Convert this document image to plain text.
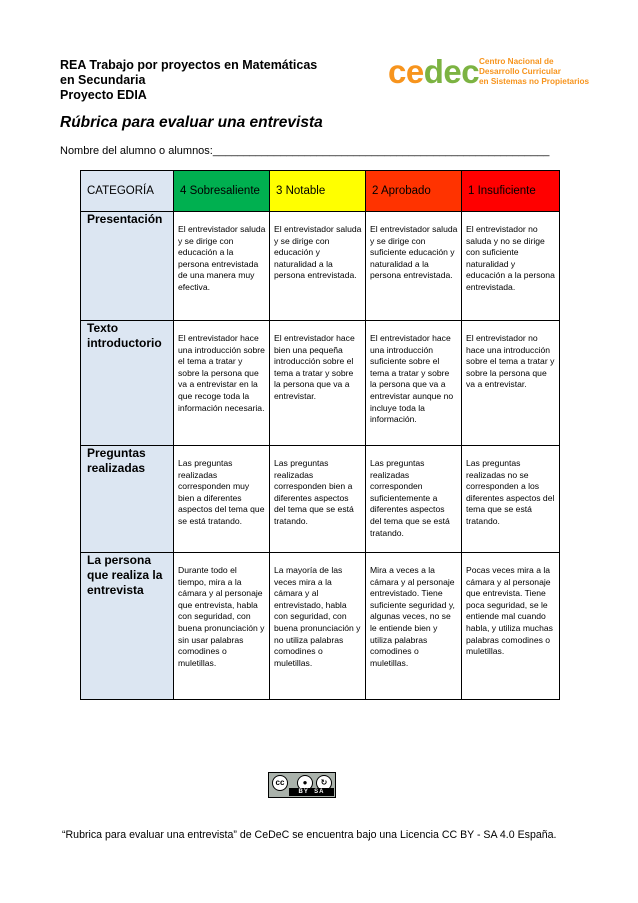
REA Trabajo por proyectos en Matemáticas
en Secundaria
Proyecto EDIA
cedec Centro Nacional de
Desarrollo Curricular
en Sistemas no Propietarios
Rúbrica para evaluar una entrevista
Nombre del alumno o alumnos:_______________________________________________________
CATEGORÍA	4 Sobresaliente	3 Notable	2 Aprobado	1 Insuficiente
Presentación	El entrevistador saluda y se dirige con educación a la persona entrevistada de una manera muy efectiva.	El entrevistador saluda y se dirige con educación y naturalidad a la persona entrevistada.	El entrevistador saluda y se dirige con suficiente educación y naturalidad a la persona entrevistada.	El entrevistador no saluda y no se dirige con suficiente naturalidad y educación a la persona entrevistada.
Texto introductorio	El entrevistador hace una introducción sobre el tema a tratar y sobre la persona que va a entrevistar en la que recoge toda la información necesaria.	El entrevistador hace bien una pequeña introducción sobre el tema a tratar y sobre la persona que va a entrevistar.	El entrevistador hace una introducción suficiente sobre el tema a tratar y sobre la persona que va a entrevistar aunque no incluye toda la información.	El entrevistador no hace una introducción sobre el tema a tratar y sobre la persona que va a entrevistar.
Preguntas realizadas	Las preguntas realizadas corresponden muy bien a diferentes aspectos del tema que se está tratando.	Las preguntas realizadas corresponden bien a diferentes aspectos del tema que se está tratando.	Las preguntas realizadas corresponden suficientemente a diferentes aspectos del tema que se está tratando.	Las preguntas realizadas no se corresponden a los diferentes aspectos del tema que se está tratando.
La persona que realiza la entrevista	Durante todo el tiempo, mira a la cámara y al personaje que entrevista, habla con seguridad, con buena pronunciación y sin usar palabras comodines o muletillas.	La mayoría de las veces mira a la cámara y al entrevistado, habla con seguridad, con buena pronunciación y no utiliza palabras comodines o muletillas.	Mira a veces a la cámara y al personaje entrevistado. Tiene suficiente seguridad y, algunas veces, no se le entiende bien y utiliza palabras comodines o muletillas.	Pocas veces mira a la cámara y al personaje que entrevista. Tiene poca seguridad, se le entiende mal cuando habla, y utiliza muchas palabras comodines o muletillas.
cc	●	↻
BY SA
“Rubrica para evaluar una entrevista” de CeDeC se encuentra bajo una Licencia CC BY - SA 4.0 España.
